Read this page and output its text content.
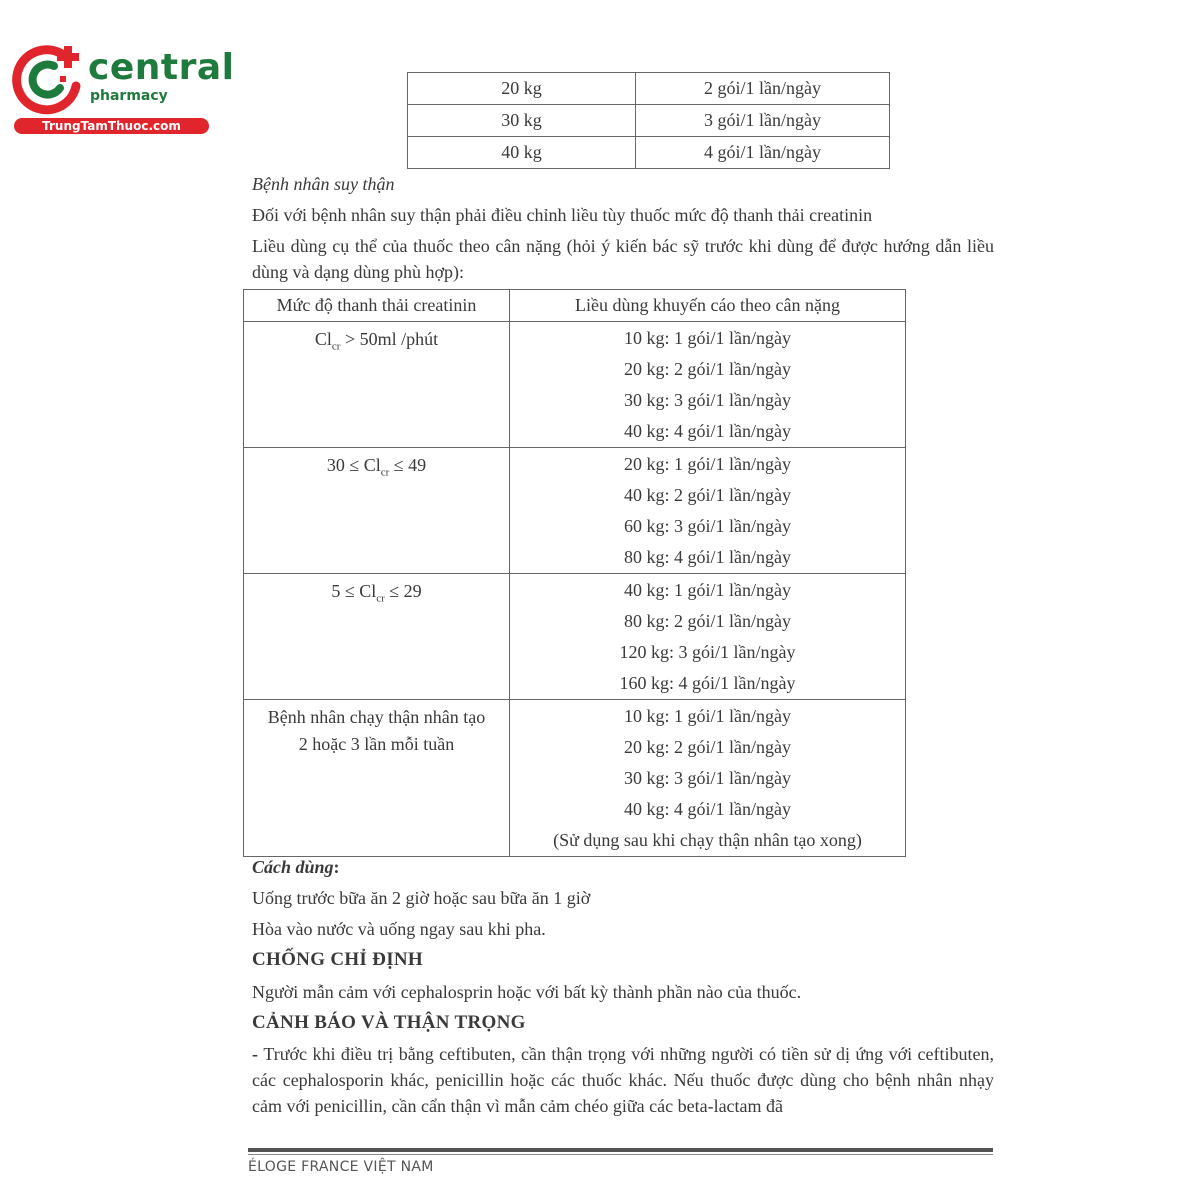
central
pharmacy
TrungTamThuoc.com
20 kg	2 gói/1 lần/ngày
30 kg	3 gói/1 lần/ngày
40 kg	4 gói/1 lần/ngày
Bệnh nhân suy thận
Đối với bệnh nhân suy thận phải điều chỉnh liều tùy thuốc mức độ thanh thải creatinin
Liều dùng cụ thể của thuốc theo cân nặng (hỏi ý kiến bác sỹ trước khi dùng để được hướng dẫn liều dùng và dạng dùng phù hợp):
Mức độ thanh thải creatinin	Liều dùng khuyến cáo theo cân nặng
$Cl_{cr} > 50ml$ /phút	10 kg: 1 gói/1 lần/ngày
20 kg: 2 gói/1 lần/ngày
30 kg: 3 gói/1 lần/ngày
40 kg: 4 gói/1 lần/ngày

$30 \le Cl_{cr} \le 49$	20 kg: 1 gói/1 lần/ngày
40 kg: 2 gói/1 lần/ngày
60 kg: 3 gói/1 lần/ngày
80 kg: 4 gói/1 lần/ngày

$5 \le Cl_{cr} \le 29$	40 kg: 1 gói/1 lần/ngày
80 kg: 2 gói/1 lần/ngày
120 kg: 3 gói/1 lần/ngày
160 kg: 4 gói/1 lần/ngày

Bệnh nhân chạy thận nhân tạo
2 hoặc 3 lần mỗi tuần	10 kg: 1 gói/1 lần/ngày
20 kg: 2 gói/1 lần/ngày
30 kg: 3 gói/1 lần/ngày
40 kg: 4 gói/1 lần/ngày
(Sử dụng sau khi chạy thận nhân tạo xong)
Cách dùng:
Uống trước bữa ăn 2 giờ hoặc sau bữa ăn 1 giờ
Hòa vào nước và uống ngay sau khi pha.
CHỐNG CHỈ ĐỊNH
Người mẫn cảm với cephalosprin hoặc với bất kỳ thành phần nào của thuốc.
CẢNH BÁO VÀ THẬN TRỌNG
- Trước khi điều trị bằng ceftibuten, cần thận trọng với những người có tiền sử dị ứng với ceftibuten, các cephalosporin khác, penicillin hoặc các thuốc khác. Nếu thuốc được dùng cho bệnh nhân nhạy cảm với penicillin, cần cẩn thận vì mẫn cảm chéo giữa các beta-lactam đã
ÉLOGE FRANCE VIỆT NAM
